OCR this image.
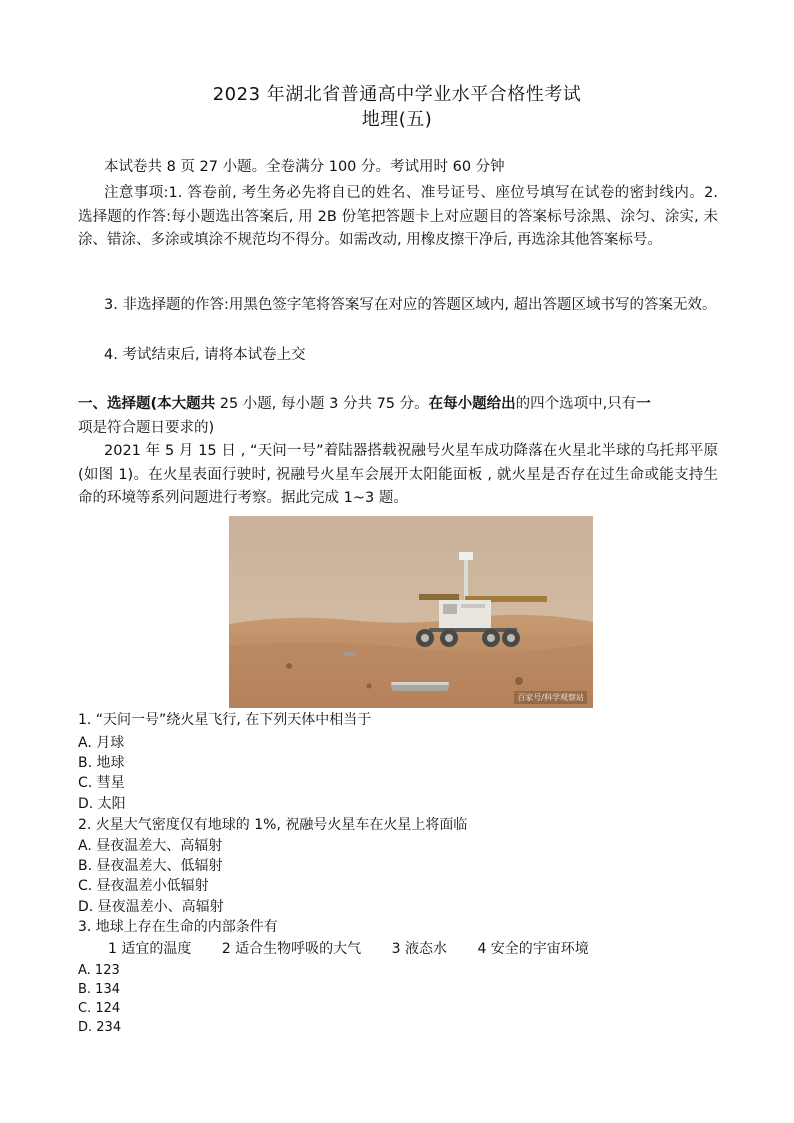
2023 年湖北省普通高中学业水平合格性考试
地理(五)
本试卷共 8 页 27 小题。全卷满分 100 分。考试用时 60 分钟
注意事项:1. 答卷前, 考生务必先将自已的姓名、准号证号、座位号填写在试卷的密封线内。2. 选择题的作答:每小题选出答案后, 用 2B 份笔把答题卡上对应题目的答案标号涂黑、涂匀、涂实, 未涂、错涂、多涂或填涂不规范均不得分。如需改动, 用橡皮擦干净后, 再选涂其他答案标号。
3. 非选择题的作答:用黑色签字笔将答案写在对应的答题区域内, 超出答题区域书写的答案无效。
4. 考试结束后, 请将本试卷上交
一、选择题(本大题共 25 小题, 每小题 3 分共 75 分。在每小题给出的四个选项中,只有一
项是符合题日要求的)
2021 年 5 月 15 日 , “天问一号”着陆器搭载祝融号火星车成功降落在火星北半球的乌托邦平原(如图 1)。在火星表面行驶时, 祝融号火星车会展开太阳能面板 , 就火星是否存在过生命或能支持生命的环境等系列问题进行考察。据此完成 1~3 题。
百家号/科学观察站
1. “天问一号”绕火星飞行, 在下列天体中相当于
A. 月球
B. 地球
C. 彗星
D. 太阳
2. 火星大气密度仅有地球的 1%, 祝融号火星车在火星上将面临
A. 昼夜温差大、高辐射
B. 昼夜温差大、低辐射
C. 昼夜温差小低辐射
D. 昼夜温差小、高辐射
3. 地球上存在生命的内部条件有
1 适宜的温度 2 适合生物呼吸的大气 3 液态水 4 安全的宇宙环境
A. 123
B. 134
C. 124
D. 234
